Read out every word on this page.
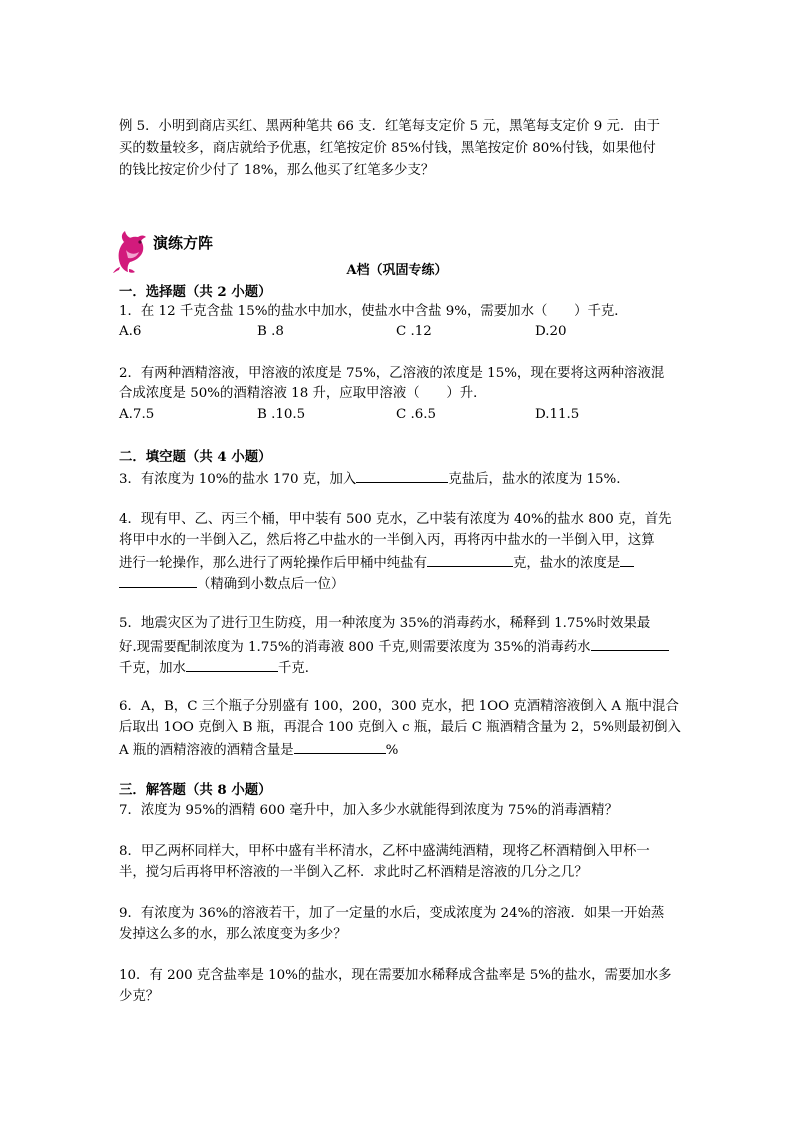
例 5．小明到商店买红、黑两种笔共 66 支．红笔每支定价 5 元，黑笔每支定价 9 元．由于
买的数量较多，商店就给予优惠，红笔按定价 85%付钱，黑笔按定价 80%付钱，如果他付
的钱比按定价少付了 18%，那么他买了红笔多少支？
演练方阵
A档（巩固专练）
一．选择题（共 2 小题）
1．在 12 千克含盐 15%的盐水中加水，使盐水中含盐 9%，需要加水（　　）千克．
A.6	B .8	C .12	D.20
2．有两种酒精溶液，甲溶液的浓度是 75%，乙溶液的浓度是 15%，现在要将这两种溶液混
合成浓度是 50%的酒精溶液 18 升，应取甲溶液（　　）升．
A.7.5	B .10.5	C .6.5	D.11.5
二．填空题（共 4 小题）
3．有浓度为 10%的盐水 170 克，加入	克盐后，盐水的浓度为 15%.
4．现有甲、乙、丙三个桶，甲中装有 500 克水，乙中装有浓度为 40%的盐水 800 克，首先
将甲中水的一半倒入乙，然后将乙中盐水的一半倒入丙，再将丙中盐水的一半倒入甲，这算
进行一轮操作，那么进行了两轮操作后甲桶中纯盐有	克，盐水的浓度是
（精确到小数点后一位）
5．地震灾区为了进行卫生防疫，用一种浓度为 35%的消毒药水，稀释到 1.75%时效果最
好.现需要配制浓度为 1.75%的消毒液 800 千克,则需要浓度为 35%的消毒药水
千克，加水	千克．
6．A，B，C 三个瓶子分别盛有 100，200，300 克水，把 1OO 克酒精溶液倒入 A 瓶中混合
后取出 1OO 克倒入 B 瓶，再混合 100 克倒入 c 瓶，最后 C 瓶酒精含量为 2，5%则最初倒入
A 瓶的酒精溶液的酒精含量是	%
三．解答题（共 8 小题）
7．浓度为 95%的酒精 600 毫升中，加入多少水就能得到浓度为 75%的消毒酒精？
8．甲乙两杯同样大，甲杯中盛有半杯清水，乙杯中盛满纯酒精，现将乙杯酒精倒入甲杯一
半，搅匀后再将甲杯溶液的一半倒入乙杯．求此时乙杯酒精是溶液的几分之几？
9．有浓度为 36%的溶液若干，加了一定量的水后，变成浓度为 24%的溶液．如果一开始蒸
发掉这么多的水，那么浓度变为多少？
10．有 200 克含盐率是 10%的盐水，现在需要加水稀释成含盐率是 5%的盐水，需要加水多
少克？
